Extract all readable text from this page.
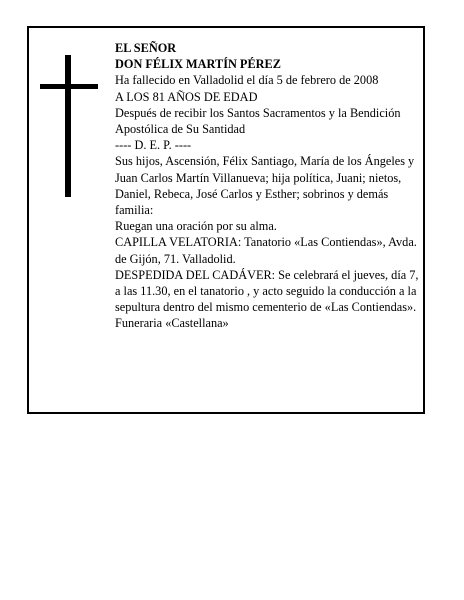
EL SEÑOR
DON FÉLIX MARTÍN PÉREZ
Ha fallecido en Valladolid el día 5 de febrero de 2008
A LOS 81 AÑOS DE EDAD
Después de recibir los Santos Sacramentos y la Bendición Apostólica de Su Santidad
---- D. E. P. ----
Sus hijos, Ascensión, Félix Santiago, María de los Ángeles y Juan Carlos Martín Villanueva; hija política, Juani; nietos, Daniel, Rebeca, José Carlos y Esther; sobrinos y demás familia:
Ruegan una oración por su alma.
CAPILLA VELATORIA: Tanatorio «Las Contiendas», Avda. de Gijón, 71. Valladolid.
DESPEDIDA DEL CADÁVER: Se celebrará el jueves, día 7, a las 11.30, en el tanatorio , y acto seguido la conducción a la sepultura dentro del mismo cementerio de «Las Contiendas».
Funeraria «Castellana»
